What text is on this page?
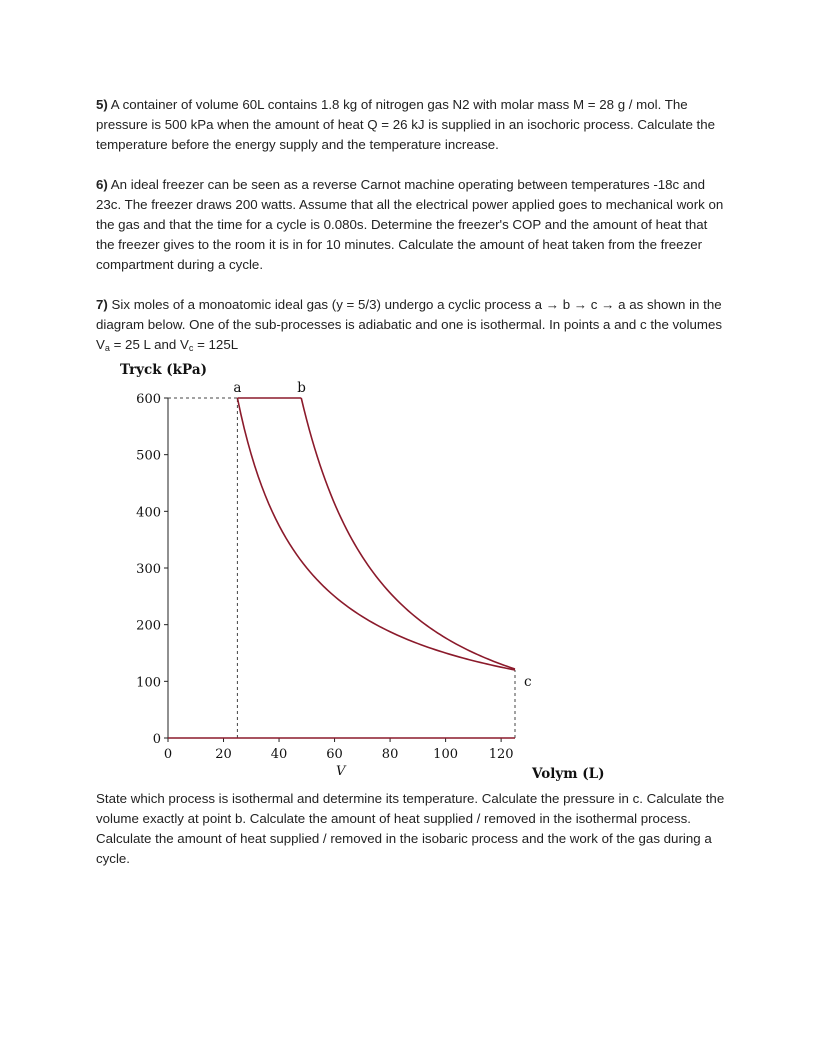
5) A container of volume 60L contains 1.8 kg of nitrogen gas N2 with molar mass M = 28 g / mol. The pressure is 500 kPa when the amount of heat Q = 26 kJ is supplied in an isochoric process. Calculate the temperature before the energy supply and the temperature increase.

6) An ideal freezer can be seen as a reverse Carnot machine operating between temperatures -18c and 23c. The freezer draws 200 watts. Assume that all the electrical power applied goes to mechanical work on the gas and that the time for a cycle is 0.080s. Determine the freezer's COP and the amount of heat that the freezer gives to the room it is in for 10 minutes. Calculate the amount of heat taken from the freezer compartment during a cycle.

7) Six moles of a monoatomic ideal gas (y = 5/3) undergo a cyclic process a → b → c → a as shown in the diagram below. One of the sub-processes is adiabatic and one is isothermal. In points a and c the volumes $V_a = 25$ L and $V_c = 125L$

Tryck (kPa)
Volym (L)
V
0
100
200
300
400
500
600
0	20	40	60	80	100 120
a	b
c

State which process is isothermal and determine its temperature. Calculate the pressure in c. Calculate the volume exactly at point b. Calculate the amount of heat supplied / removed in the isothermal process. Calculate the amount of heat supplied / removed in the isobaric process and the work of the gas during a cycle.
